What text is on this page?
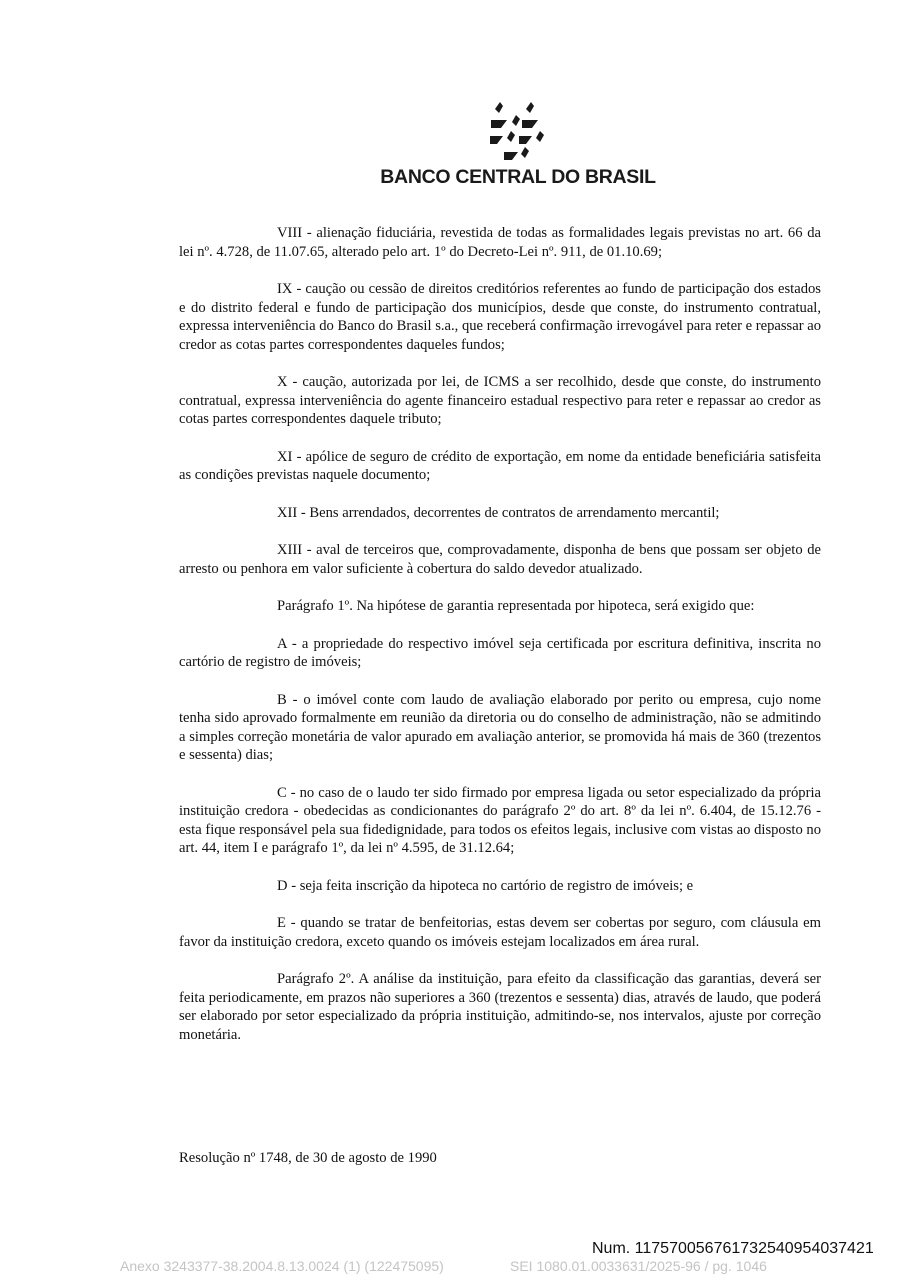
BANCO CENTRAL DO BRASIL

VIII - alienação fiduciária, revestida de todas as formalidades legais previstas no art. 66 da lei nº. 4.728, de 11.07.65, alterado pelo art. 1º do Decreto-Lei nº. 911, de 01.10.69;

IX - caução ou cessão de direitos creditórios referentes ao fundo de participação dos estados e do distrito federal e fundo de participação dos municípios, desde que conste, do instrumento contratual, expressa interveniência do Banco do Brasil s.a., que receberá confirmação irrevogável para reter e repassar ao credor as cotas partes correspondentes daqueles fundos;

X - caução, autorizada por lei, de ICMS a ser recolhido, desde que conste, do instrumento contratual, expressa interveniência do agente financeiro estadual respectivo para reter e repassar ao credor as cotas partes correspondentes daquele tributo;

XI - apólice de seguro de crédito de exportação, em nome da entidade beneficiária satisfeita as condições previstas naquele documento;

XII - Bens arrendados, decorrentes de contratos de arrendamento mercantil;

XIII - aval de terceiros que, comprovadamente, disponha de bens que possam ser objeto de arresto ou penhora em valor suficiente à cobertura do saldo devedor atualizado.

Parágrafo 1º. Na hipótese de garantia representada por hipoteca, será exigido que:

A - a propriedade do respectivo imóvel seja certificada por escritura definitiva, inscrita no cartório de registro de imóveis;

B - o imóvel conte com laudo de avaliação elaborado por perito ou empresa, cujo nome tenha sido aprovado formalmente em reunião da diretoria ou do conselho de administração, não se admitindo a simples correção monetária de valor apurado em avaliação anterior, se promovida há mais de 360 (trezentos e sessenta) dias;

C - no caso de o laudo ter sido firmado por empresa ligada ou setor especializado da própria instituição credora - obedecidas as condicionantes do parágrafo 2º do art. 8º da lei nº. 6.404, de 15.12.76 - esta fique responsável pela sua fidedignidade, para todos os efeitos legais, inclusive com vistas ao disposto no art. 44, item I e parágrafo 1º, da lei nº 4.595, de 31.12.64;

D - seja feita inscrição da hipoteca no cartório de registro de imóveis; e

E - quando se tratar de benfeitorias, estas devem ser cobertas por seguro, com cláusula em favor da instituição credora, exceto quando os imóveis estejam localizados em área rural.

Parágrafo 2º. A análise da instituição, para efeito da classificação das garantias, deverá ser feita periodicamente, em prazos não superiores a 360 (trezentos e sessenta) dias, através de laudo, que poderá ser elaborado por setor especializado da própria instituição, admitindo-se, nos intervalos, ajuste por correção monetária.

Resolução nº 1748, de 30 de agosto de 1990
Num. 117570056761732540954037421
Anexo 3243377-38.2004.8.13.0024 (1) (122475095)	SEI 1080.01.0033631/2025-96 / pg. 1046
